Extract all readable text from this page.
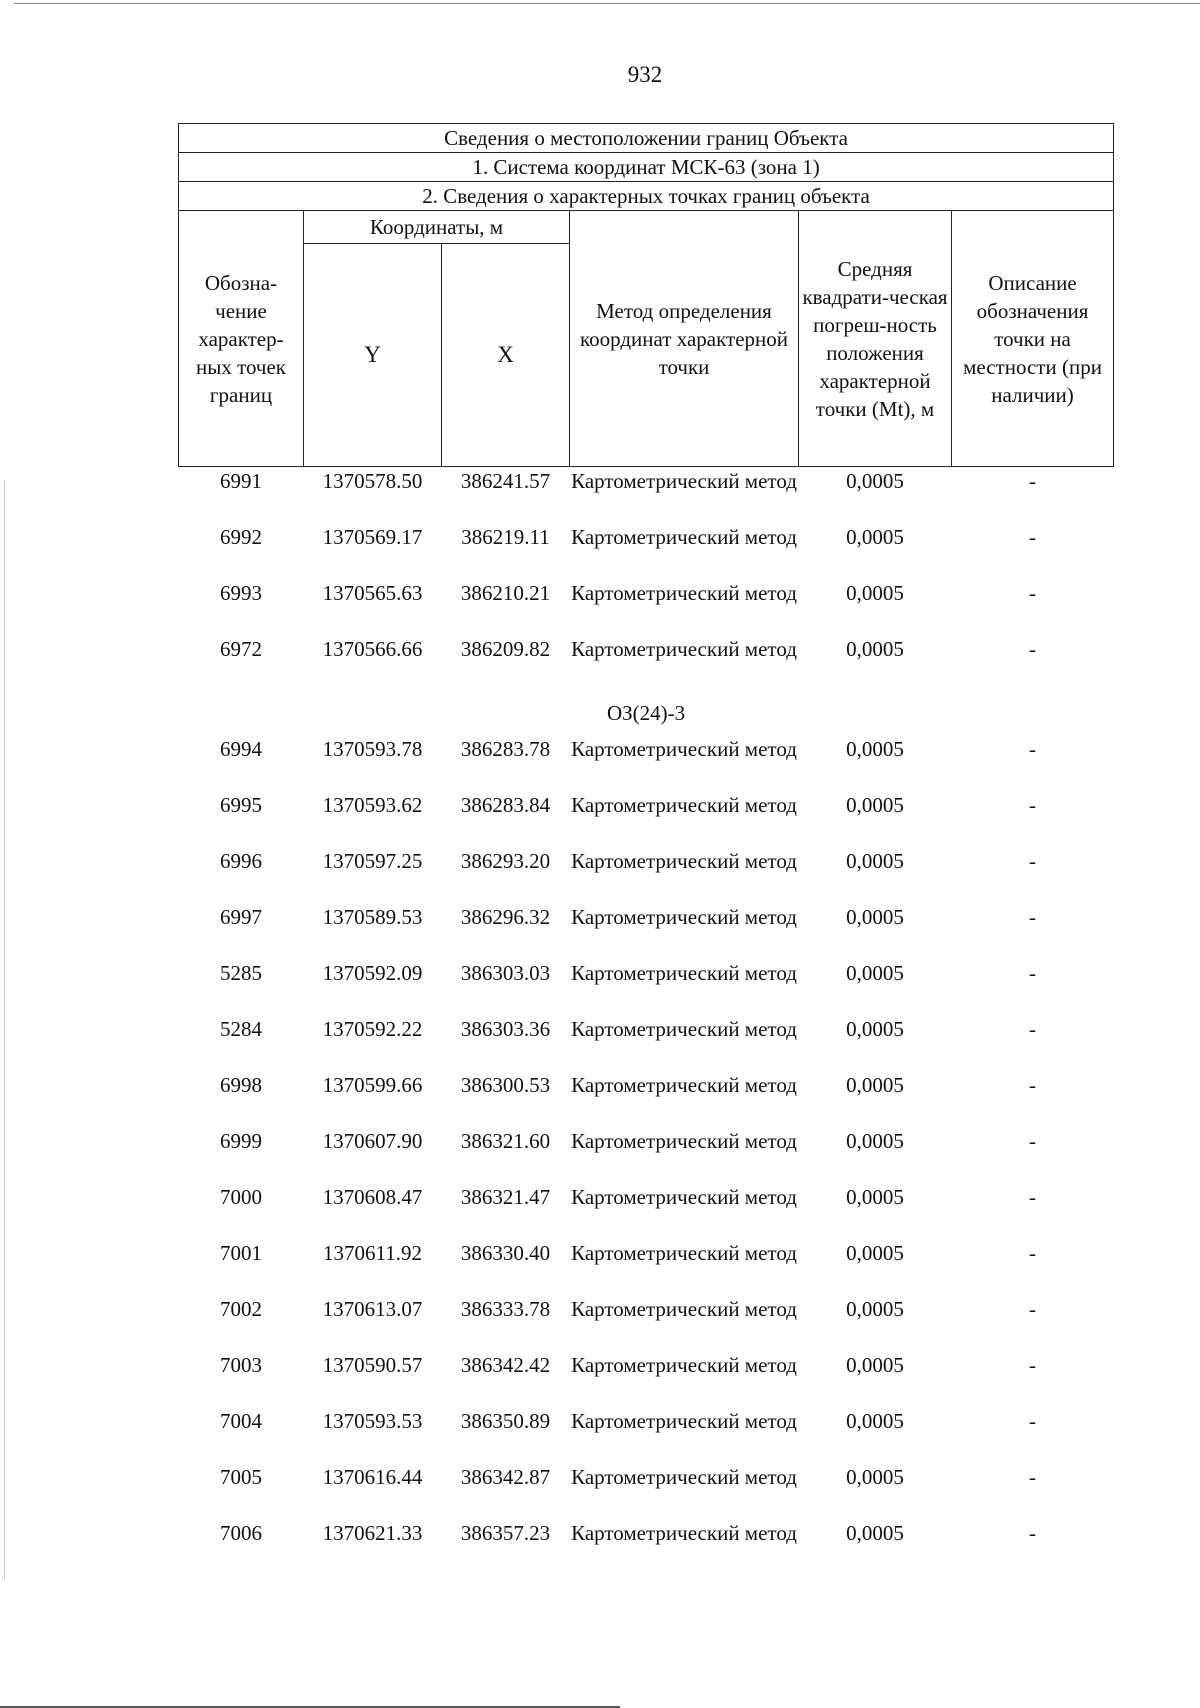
932
Сведения о местоположении границ Объекта					
1. Система координат МСК-63 (зона 1)					
2. Сведения о характерных точках границ объекта					
Обозна-чение характер-ных точек границ	Координаты, м		Метод определения координат характерной точки	Средняя квадрати-ческая погреш-ность положения характерной точки (Mt), м	Описание обозначения точки на местности (при наличии)
	Y	X			
6991	1370578.50	386241.57	Картометрический метод	0,0005	-
6992	1370569.17	386219.11	Картометрический метод	0,0005	-
6993	1370565.63	386210.21	Картометрический метод	0,0005	-
6972	1370566.66	386209.82	Картометрический метод	0,0005	-
ОЗ(24)-3					
6994	1370593.78	386283.78	Картометрический метод	0,0005	-
6995	1370593.62	386283.84	Картометрический метод	0,0005	-
6996	1370597.25	386293.20	Картометрический метод	0,0005	-
6997	1370589.53	386296.32	Картометрический метод	0,0005	-
5285	1370592.09	386303.03	Картометрический метод	0,0005	-
5284	1370592.22	386303.36	Картометрический метод	0,0005	-
6998	1370599.66	386300.53	Картометрический метод	0,0005	-
6999	1370607.90	386321.60	Картометрический метод	0,0005	-
7000	1370608.47	386321.47	Картометрический метод	0,0005	-
7001	1370611.92	386330.40	Картометрический метод	0,0005	-
7002	1370613.07	386333.78	Картометрический метод	0,0005	-
7003	1370590.57	386342.42	Картометрический метод	0,0005	-
7004	1370593.53	386350.89	Картометрический метод	0,0005	-
7005	1370616.44	386342.87	Картометрический метод	0,0005	-
7006	1370621.33	386357.23	Картометрический метод	0,0005	-
